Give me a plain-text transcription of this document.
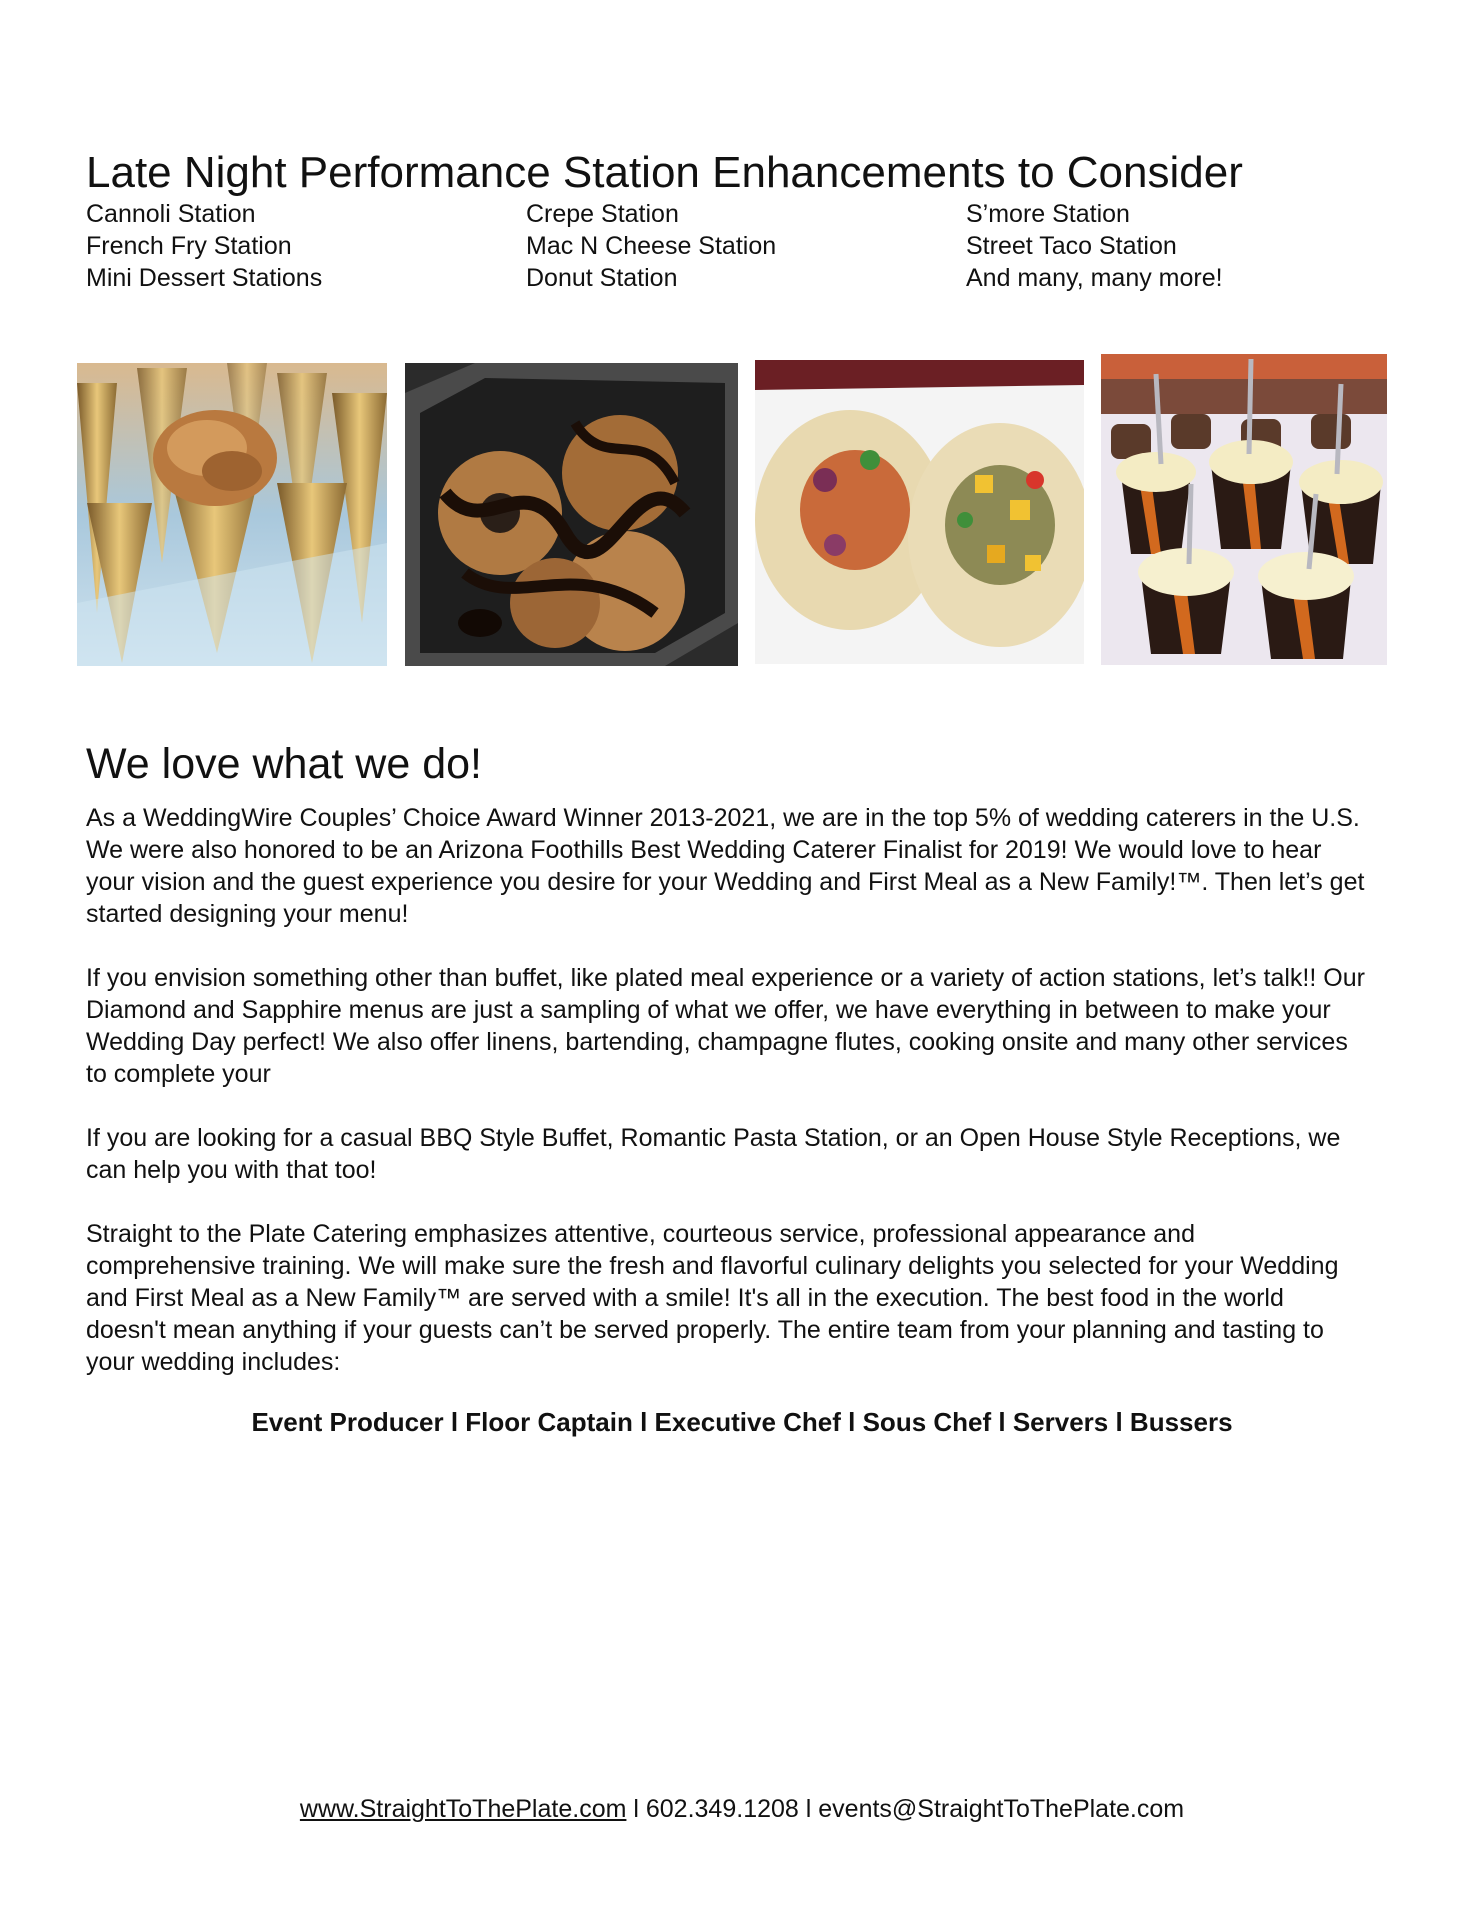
Late Night Performance Station Enhancements to Consider
Cannoli Station
French Fry Station
Mini Dessert Stations
Crepe Station
Mac N Cheese Station
Donut Station
S’more Station
Street Taco Station
And many, many more!
We love what we do!

As a WeddingWire Couples’ Choice Award Winner 2013-2021, we are in the top 5% of wedding caterers in the U.S. We were also honored to be an Arizona Foothills Best Wedding Caterer Finalist for 2019! We would love to hear your vision and the guest experience you desire for your Wedding and First Meal as a New Family!™. Then let’s get started designing your menu!

If you envision something other than buffet, like plated meal experience or a variety of action stations, let’s talk!! Our Diamond and Sapphire menus are just a sampling of what we offer, we have everything in between to make your Wedding Day perfect! We also offer linens, bartending, champagne flutes, cooking onsite and many other services to complete your

If you are looking for a casual BBQ Style Buffet, Romantic Pasta Station, or an Open House Style Receptions, we can help you with that too!

Straight to the Plate Catering emphasizes attentive, courteous service, professional appearance and comprehensive training. We will make sure the fresh and flavorful culinary delights you selected for your Wedding and First Meal as a New Family™ are served with a smile! It's all in the execution. The best food in the world doesn't mean anything if your guests can’t be served properly. The entire team from your planning and tasting to your wedding includes:

Event Producer l Floor Captain l Executive Chef l Sous Chef l Servers l Bussers
www.StraightToThePlate.com l 602.349.1208 l events@StraightToThePlate.com
